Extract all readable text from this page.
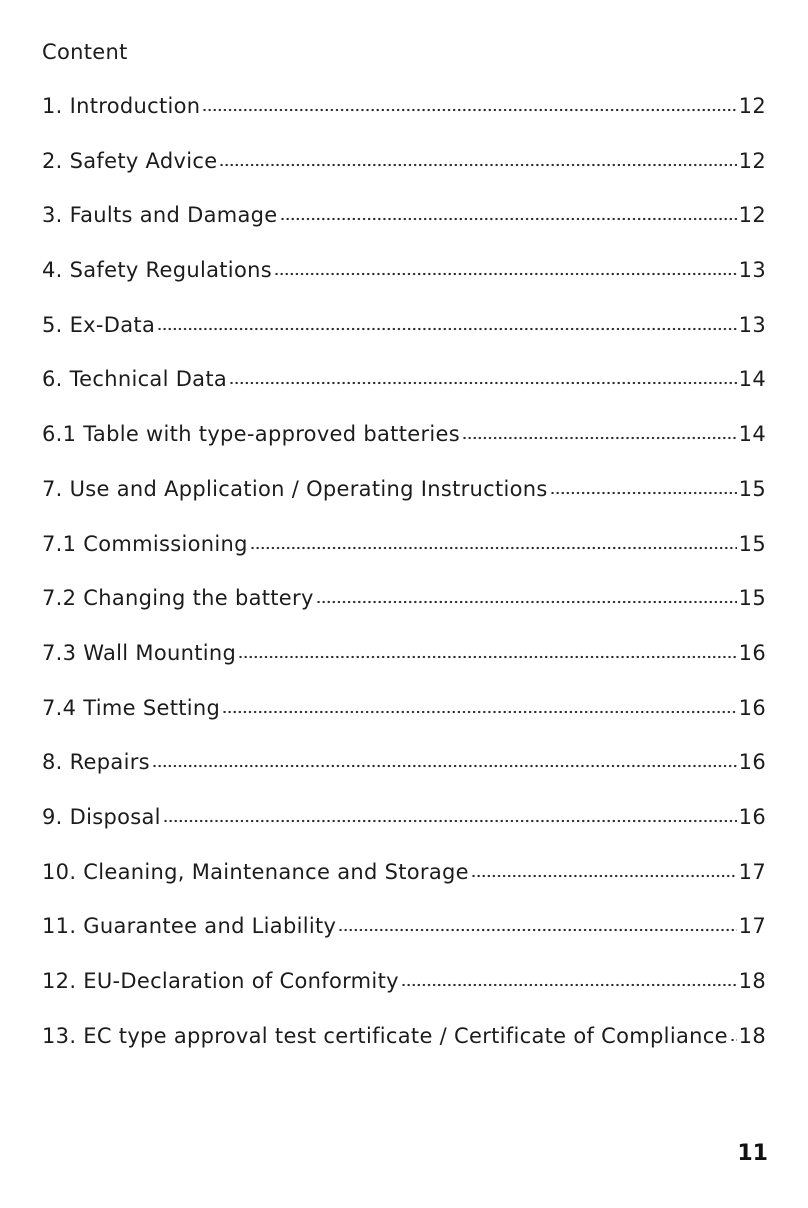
Content
1. Introduction	12
2. Safety Advice	12
3. Faults and Damage	12
4. Safety Regulations	13
5. Ex-Data	13
6. Technical Data	14
6.1 Table with type-approved batteries	14
7. Use and Application / Operating Instructions	15
7.1 Commissioning	15
7.2 Changing the battery	15
7.3 Wall Mounting	16
7.4 Time Setting	16
8. Repairs	16
9. Disposal	16
10. Cleaning, Maintenance and Storage	17
11. Guarantee and Liability	17
12. EU-Declaration of Conformity	18
13. EC type approval test certificate / Certificate of Compliance 18
11
